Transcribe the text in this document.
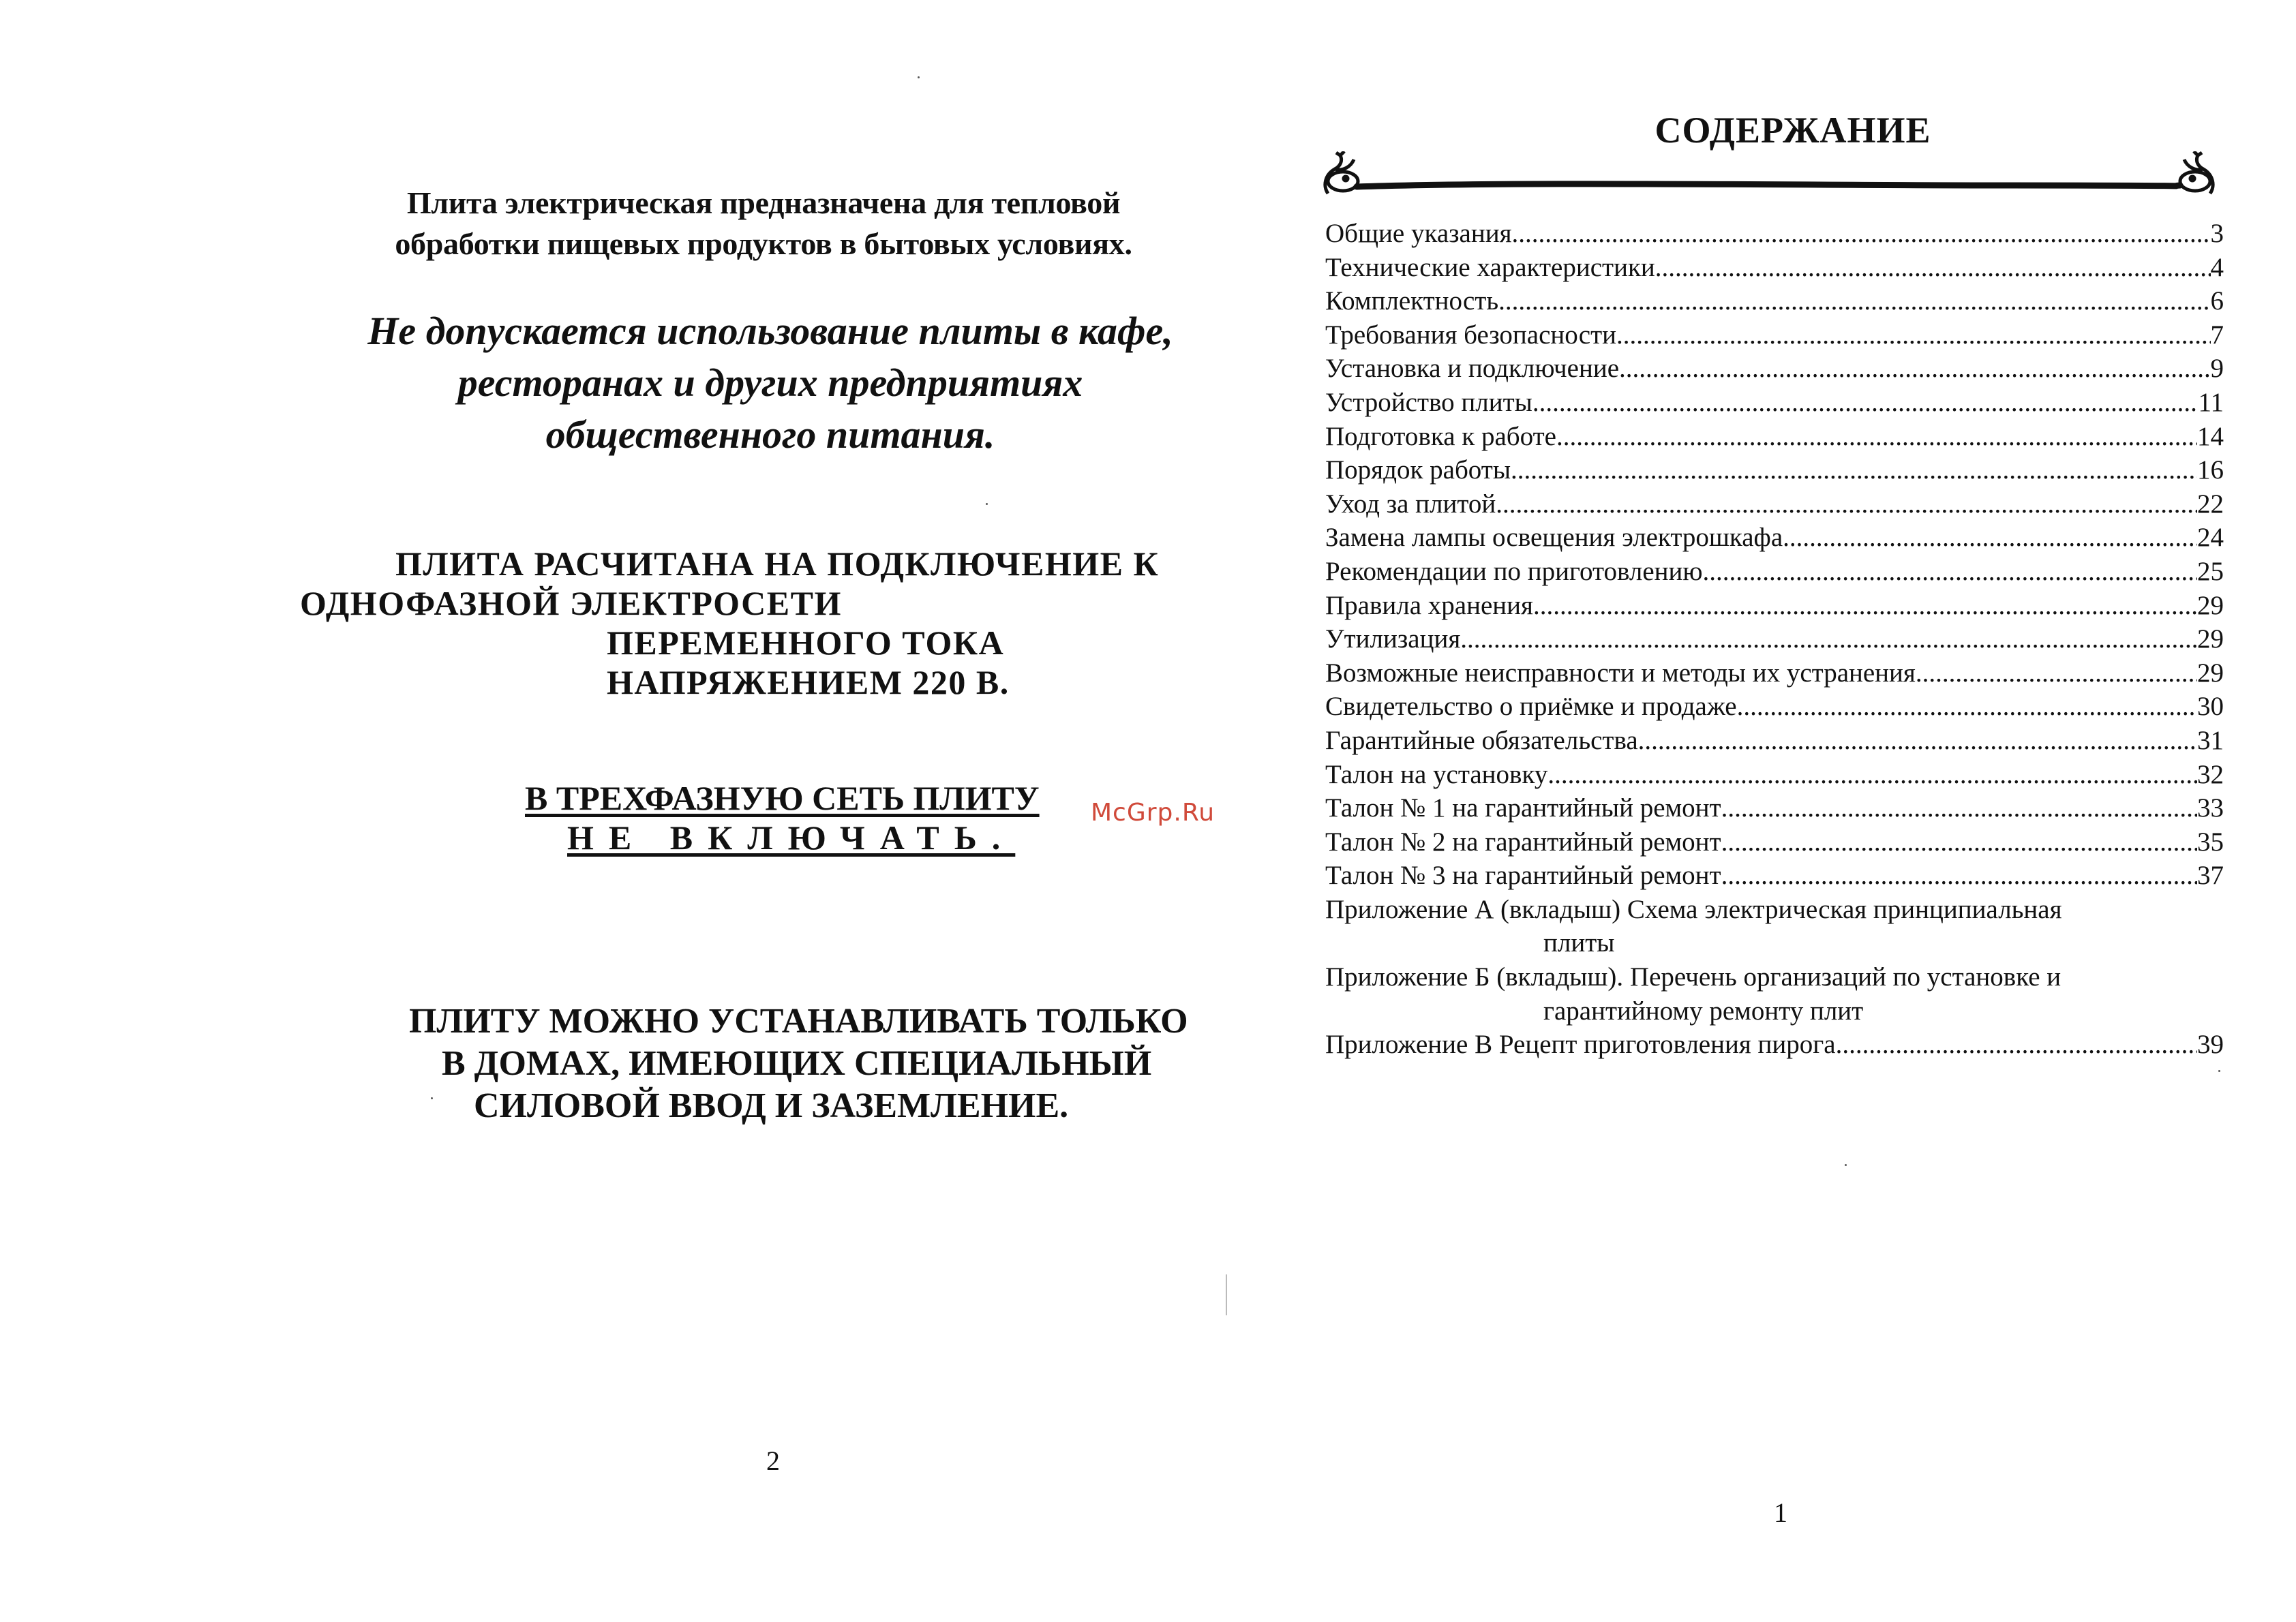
Плита электрическая предназначена для тепловой
обработки пищевых продуктов в бытовых условиях.
Не допускается использование плиты в кафе,
ресторанах и других предприятиях
общественного питания.
ПЛИТА РАСЧИТАНА НА ПОДКЛЮЧЕНИЕ К
ОДНОФАЗНОЙ ЭЛЕКТРОСЕТИ
ПЕРЕМЕННОГО ТОКА
НАПРЯЖЕНИЕМ 220 В.
В ТРЕХФАЗНУЮ СЕТЬ ПЛИТУ
НЕ ВКЛЮЧАТЬ.
McGrp.Ru
ПЛИТУ МОЖНО УСТАНАВЛИВАТЬ ТОЛЬКО
В ДОМАХ, ИМЕЮЩИХ СПЕЦИАЛЬНЫЙ
СИЛОВОЙ ВВОД И ЗАЗЕМЛЕНИЕ.
2
СОДЕРЖАНИЕ
Общие указания .....	3
Технические характеристики .....	4
Комплектность .....	6
Требования безопасности .....	7
Установка и подключение .....	9
Устройство плиты .....	11
Подготовка к работе .....	14
Порядок работы .....	16
Уход за плитой .....	22
Замена лампы освещения электрошкафа .....	24
Рекомендации по приготовлению .....	25
Правила хранения .....	29
Утилизация .....	29
Возможные неисправности и методы их устранения .....	29
Свидетельство о приёмке и продаже .....	30
Гарантийные обязательства .....	31
Талон на установку .....	32
Талон № 1 на гарантийный ремонт .....	33
Талон № 2 на гарантийный ремонт .....	35
Талон № 3 на гарантийный ремонт .....	37
Приложение А (вкладыш) Схема электрическая принципиальная
плиты
Приложение Б (вкладыш). Перечень организаций по установке и
гарантийному ремонту плит
Приложение В Рецепт приготовления пирога .....	39
1
